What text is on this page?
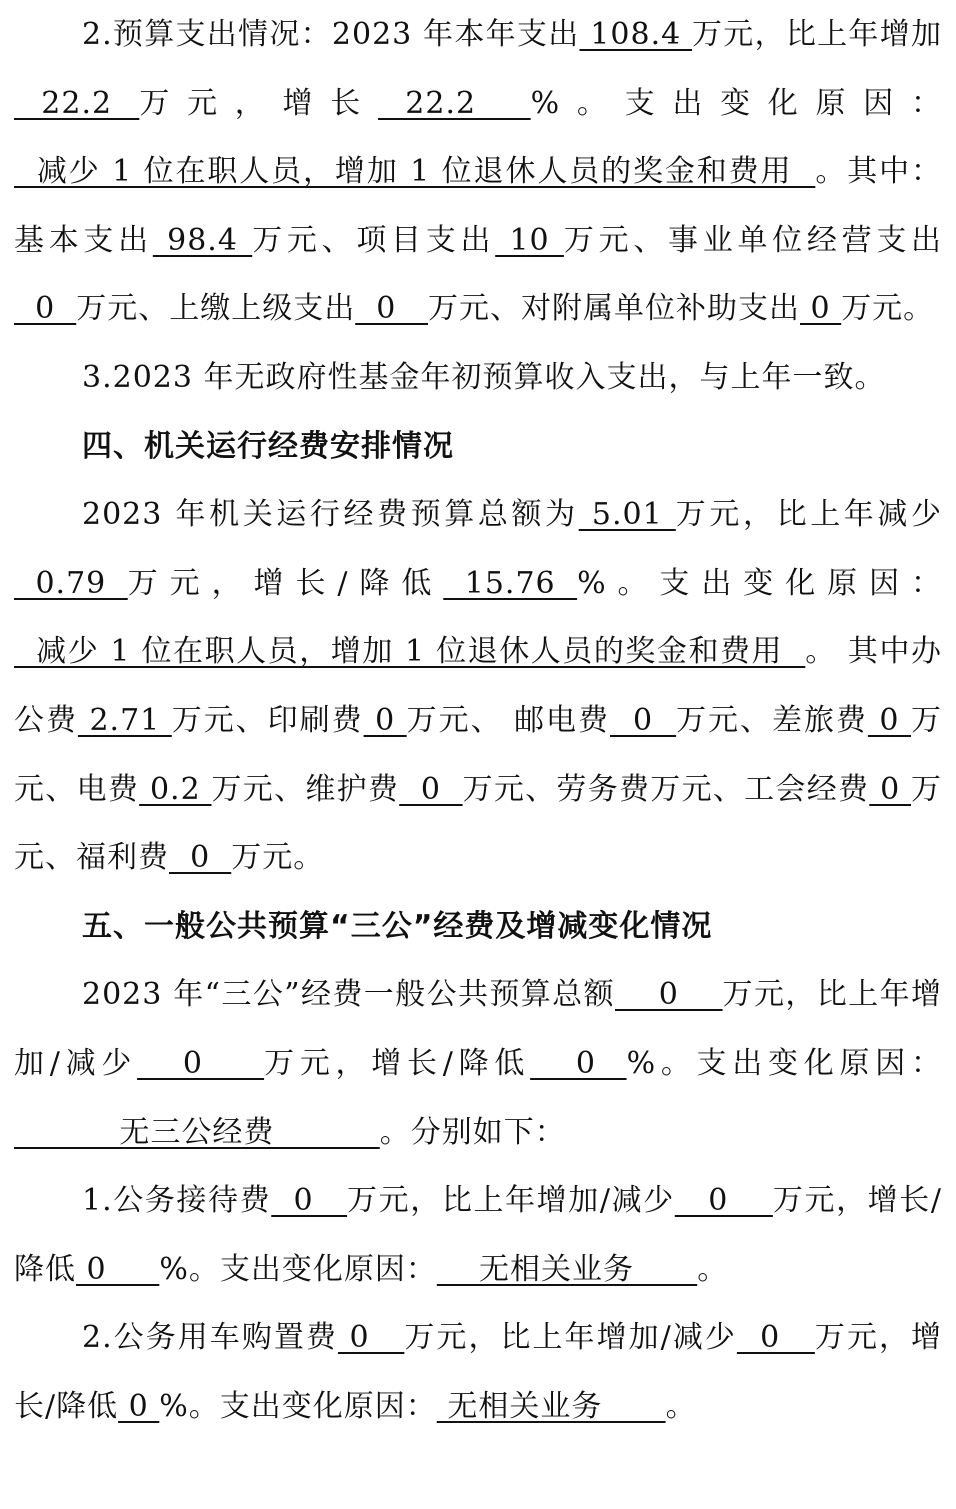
2.预算支出情况：2023 年本年支出 108.4 万元，比上年增加 22.2 万元，增长 22.2  %。支出变化原因：  减少 1 位在职人员，增加 1 位退休人员的奖金和费用  。其中：基本支出 98.4 万元、项目支出 10 万元、事业单位经营支出  0  万元、上缴上级支出  0   万元、对附属单位补助支出 0 万元。

3.2023 年无政府性基金年初预算收入支出，与上年一致。

四、机关运行经费安排情况

2023 年机关运行经费预算总额为 5.01 万元，比上年减少 0.79 万元，增长/降低 15.76 %。支出变化原因：  减少 1 位在职人员，增加 1 位退休人员的奖金和费用  。 其中办公费 2.71 万元、印刷费 0 万元、 邮电费  0  万元、差旅费 0 万元、电费 0.2 万元、维护费  0  万元、劳务费万元、工会经费 0 万元、福利费  0  万元。

五、一般公共预算“三公”经费及增减变化情况

2023 年“三公”经费一般公共预算总额    0    万元，比上年增加/减少   0    万元，增长/降低   0  %。支出变化原因：          无三公经费          。分别如下：

1.公务接待费  0   万元，比上年增加/减少   0    万元，增长/降低 0     %。支出变化原因：    无相关业务      。

2.公务用车购置费 0   万元，比上年增加/减少  0   万元，增长/降低 0 %。支出变化原因： 无相关业务      。
